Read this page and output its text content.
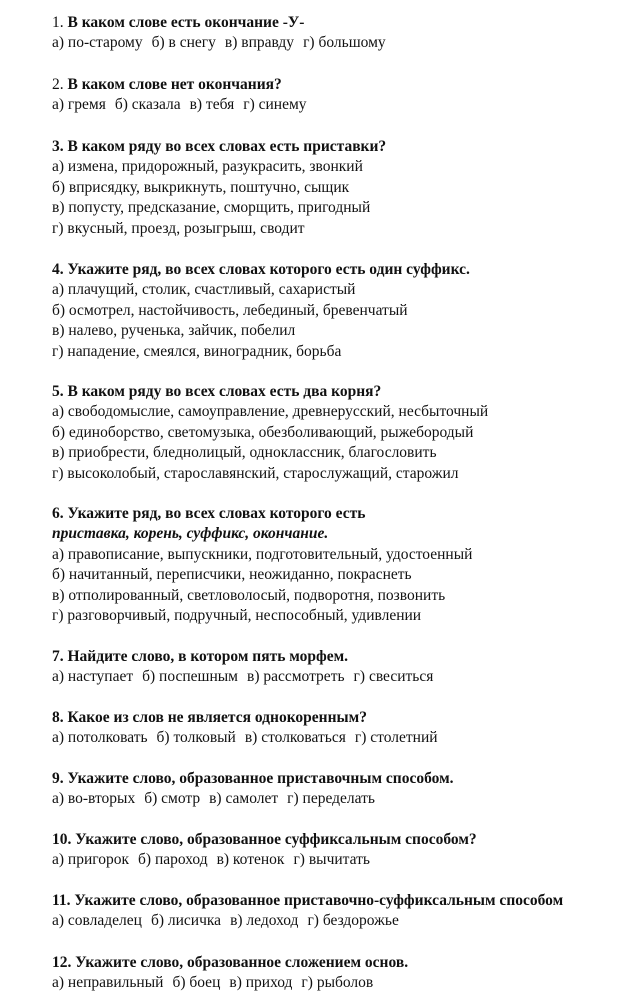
1. В каком слове есть окончание -У-
а) по-старому б) в снегу в) вправду г) большому
2. В каком слове нет окончания?
а) гремя б) сказала в) тебя г) синему
3. В каком ряду во всех словах есть приставки?
а) измена, придорожный, разукрасить, звонкий
б) вприсядку, выкрикнуть, поштучно, сыщик
в) попусту, предсказание, сморщить, пригодный
г) вкусный, проезд, розыгрыш, сводит
4. Укажите ряд, во всех словах которого есть один суффикс.
а) плачущий, столик, счастливый, сахаристый
б) осмотрел, настойчивость, лебединый, бревенчатый
в) налево, рученька, зайчик, побелил
г) нападение, смеялся, виноградник, борьба
5. В каком ряду во всех словах есть два корня?
а) свободомыслие, самоуправление, древнерусский, несбыточный
б) единоборство, светомузыка, обезболивающий, рыжебородый
в) приобрести, бледнолицый, одноклассник, благословить
г) высоколобый, старославянский, старослужащий, старожил
6. Укажите ряд, во всех словах которого есть
приставка, корень, суффикс, окончание.
а) правописание, выпускники, подготовительный, удостоенный
б) начитанный, переписчики, неожиданно, покраснеть
в) отполированный, светловолосый, подворотня, позвонить
г) разговорчивый, подручный, неспособный, удивлении
7. Найдите слово, в котором пять морфем.
а) наступает б) поспешным в) рассмотреть г) свеситься
8. Какое из слов не является однокоренным?
а) потолковать б) толковый в) столковаться г) столетний
9. Укажите слово, образованное приставочным способом.
а) во-вторых б) смотр в) самолет г) переделать
10. Укажите слово, образованное суффиксальным способом?
а) пригорок б) пароход в) котенок г) вычитать
11. Укажите слово, образованное приставочно-суффиксальным способом
а) совладелец б) лисичка в) ледоход г) бездорожье
12. Укажите слово, образованное сложением основ.
а) неправильный б) боец в) приход г) рыболов
